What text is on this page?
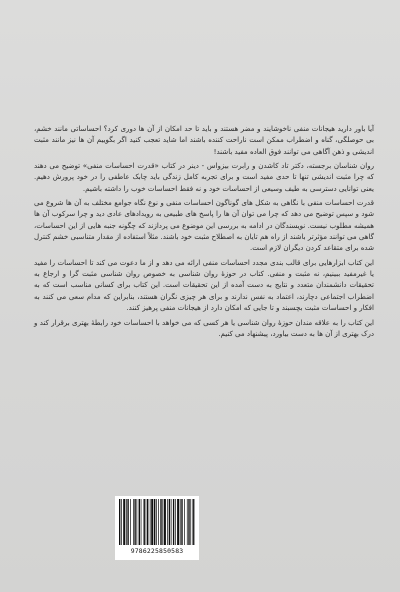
آیا باور دارید هیجانات منفی ناخوشایند و مضر هستند و باید تا حد امکان از آن ها دوری کرد؟ احساساتی مانند خشم، بی حوصلگی، گناه و اضطراب ممکن است ناراحت کننده باشند اما شاید تعجب کنید اگر بگوییم آن ها نیز مانند مثبت اندیشی و ذهن آگاهی می توانند فوق العاده مفید باشند!

روان شناسان برجسته، دکتر تاد کاشدن و رابرت بیزواس - دینر در کتاب «قدرت احساسات منفی» توضیح می دهند که چرا مثبت اندیشی تنها تا حدی مفید است و برای تجربه کامل زندگی باید چابک عاطفی را در خود پرورش دهیم. یعنی توانایی دسترسی به طیف وسیعی از احساسات خود و نه فقط احساسات خوب را داشته باشیم.

قدرت احساسات منفی با نگاهی به شکل های گوناگون احساسات منفی و نوع نگاه جوامع مختلف به آن ها شروع می شود و سپس توضیح می دهد که چرا می توان آن ها را پاسخ های طبیعی به رویدادهای عادی دید و چرا سرکوب آن ها همیشه مطلوب نیست. نویسندگان در ادامه به بررسی این موضوع می پردازند که چگونه جنبه هایی از این احساسات، گاهی می توانند مؤثرتر باشند از راه هم تایان به اصطلاح مثبت خود باشند. مثلاً استفاده از مقدار متناسبی خشم کنترل شده برای متقاعد کردن دیگران لازم است.

این کتاب ابزارهایی برای قالب بندی مجدد احساسات منفی ارائه می دهد و از ما دعوت می کند تا احساسات را مفید یا غیرمفید ببینیم، نه مثبت و منفی. کتاب در حوزۀ روان شناسی به خصوص روان شناسی مثبت گرا و ارجاع به تحقیقات دانشمندان متعدد و نتایج به دست آمده از این تحقیقات است. این کتاب برای کسانی مناسب است که به اضطراب اجتماعی دچارند، اعتماد به نفس ندارند و برای هر چیزی نگران هستند، بنابراین که مدام سعی می کنند به افکار و احساسات مثبت بچسبند و تا جایی که امکان دارد از هیجانات منفی پرهیز کنند.

این کتاب را به علاقه مندان حوزۀ روان شناسی یا هر کسی که می خواهد با احساسات خود رابطۀ بهتری برقرار کند و درک بهتری از آن ها به دست بیاورد، پیشنهاد می کنیم.

9786225850583
